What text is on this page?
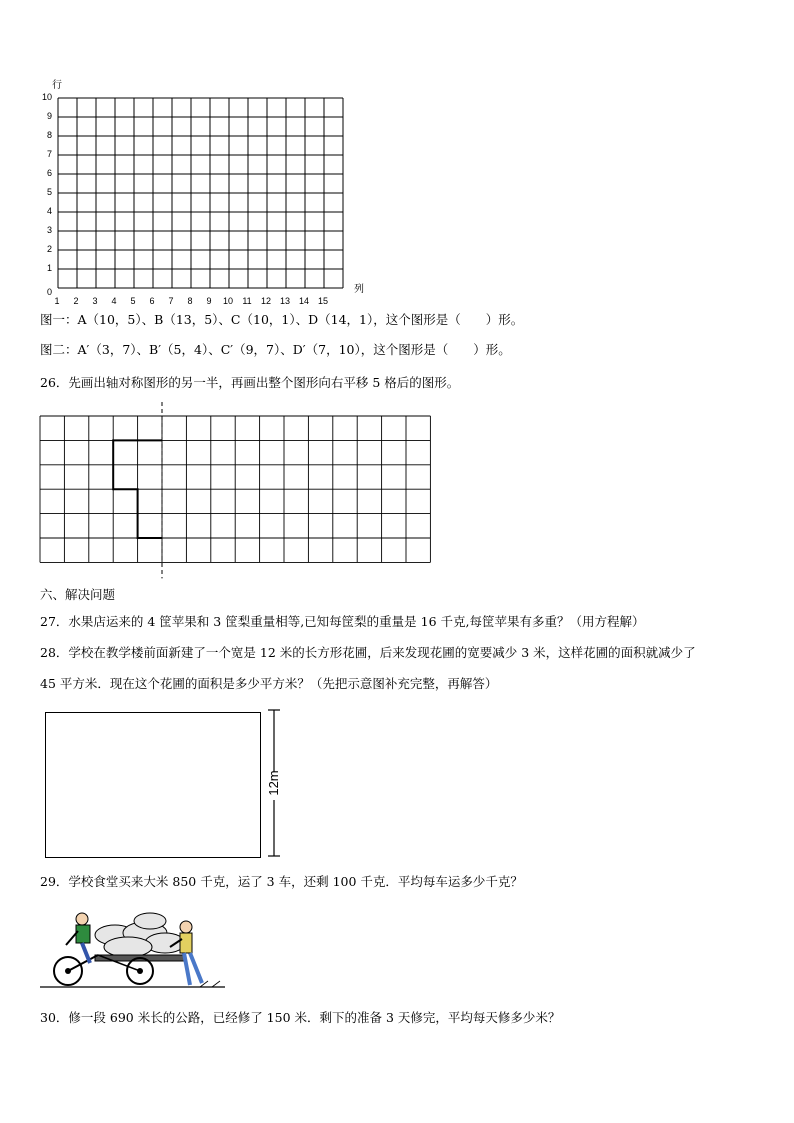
行
列
0
1
2
3
4
5
6
7
8
9
10
1	2	3	4	5	6	7	8	9	10	11	12 13 14 15
图一：A（10，5）、B（13，5）、C（10，1）、D（14，1），这个图形是（　　）形。
图二：A′（3，7）、B′（5，4）、C′（9，7）、D′（7，10），这个图形是（　　）形。
26．先画出轴对称图形的另一半，再画出整个图形向右平移 5 格后的图形。
六、解决问题
27．水果店运来的 4 筐苹果和 3 筐梨重量相等,已知每筐梨的重量是 16 千克,每筐苹果有多重？（用方程解）
28．学校在教学楼前面新建了一个宽是 12 米的长方形花圃，后来发现花圃的宽要减少 3 米，这样花圃的面积就减少了
45 平方米．现在这个花圃的面积是多少平方米？（先把示意图补充完整，再解答）
12m
29．学校食堂买来大米 850 千克，运了 3 车，还剩 100 千克．平均每车运多少千克？
30．修一段 690 米长的公路，已经修了 150 米．剩下的准备 3 天修完，平均每天修多少米？
